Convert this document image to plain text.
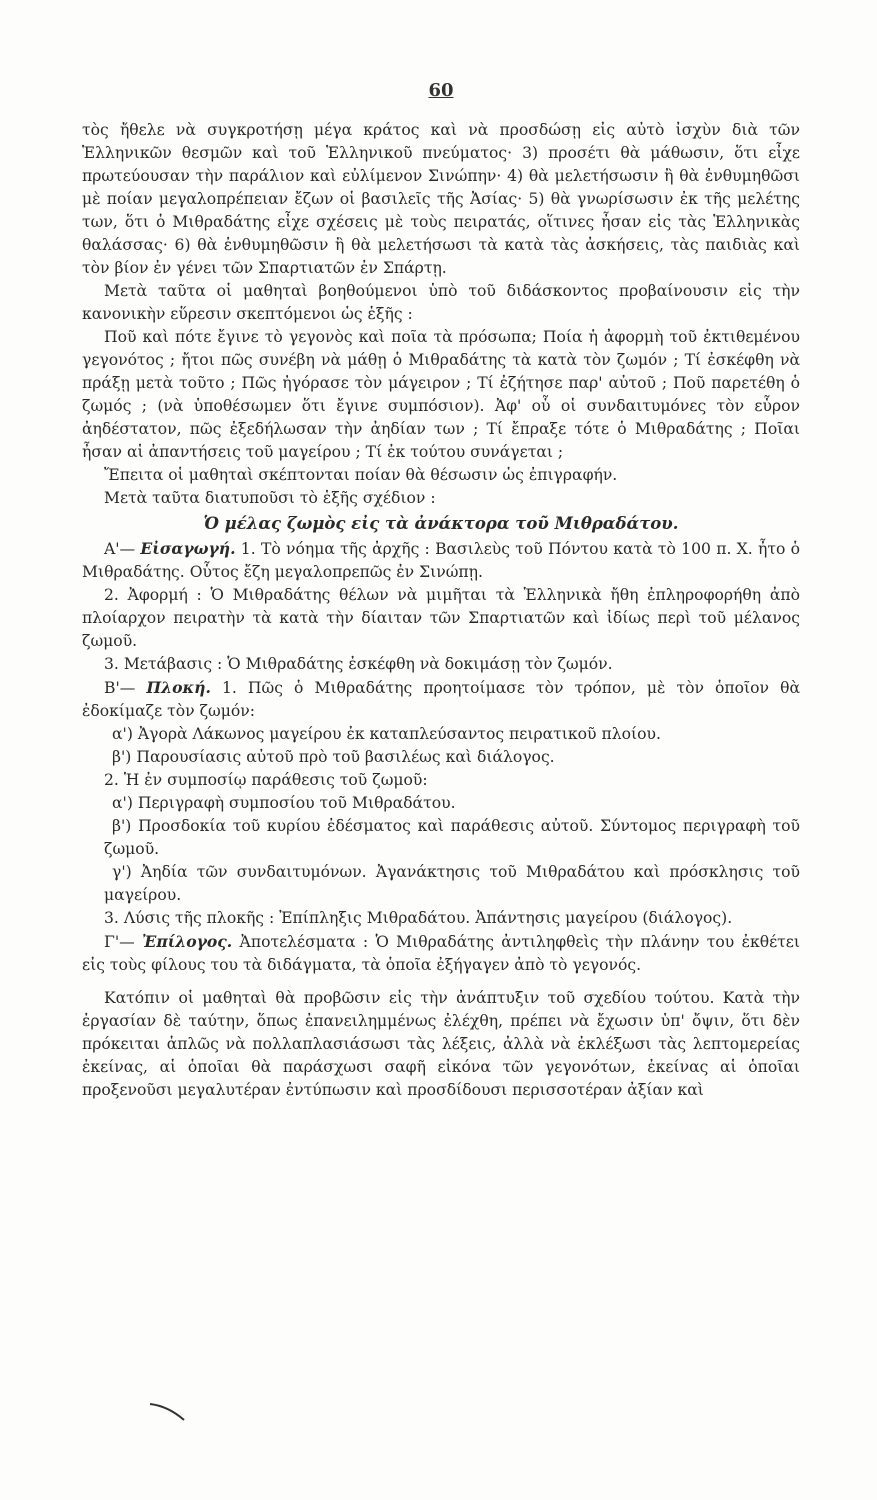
60

τὸς ἤθελε νὰ συγκροτήσῃ μέγα κράτος καὶ νὰ προσδώσῃ εἰς αὐτὸ ἰσχὺν διὰ τῶν Ἑλληνικῶν θεσμῶν καὶ τοῦ Ἑλληνικοῦ πνεύματος· 3) προσέτι θὰ μάθωσιν, ὅτι εἶχε πρωτεύουσαν τὴν παράλιον καὶ εὐλίμενον Σινώπην· 4) θὰ μελετήσωσιν ἢ θὰ ἐνθυμηθῶσι μὲ ποίαν μεγαλοπρέπειαν ἔζων οἱ βασιλεῖς τῆς Ἀσίας· 5) θὰ γνωρίσωσιν ἐκ τῆς μελέτης των, ὅτι ὁ Μιθραδάτης εἶχε σχέσεις μὲ τοὺς πειρατάς, οἵτινες ἦσαν εἰς τὰς Ἑλληνικὰς θαλάσσας· 6) θὰ ἐνθυμηθῶσιν ἢ θὰ μελετήσωσι τὰ κατὰ τὰς ἀσκήσεις, τὰς παιδιὰς καὶ τὸν βίον ἐν γένει τῶν Σπαρτιατῶν ἐν Σπάρτῃ.

Μετὰ ταῦτα οἱ μαθηταὶ βοηθούμενοι ὑπὸ τοῦ διδάσκοντος προβαίνουσιν εἰς τὴν κανονικὴν εὕρεσιν σκεπτόμενοι ὡς ἑξῆς :

Ποῦ καὶ πότε ἔγινε τὸ γεγονὸς καὶ ποῖα τὰ πρόσωπα; Ποία ἡ ἀφορμὴ τοῦ ἐκτιθεμένου γεγονότος ; ἤτοι πῶς συνέβη νὰ μάθῃ ὁ Μιθραδάτης τὰ κατὰ τὸν ζωμόν ; Τί ἐσκέφθη νὰ πράξῃ μετὰ τοῦτο ; Πῶς ἠγόρασε τὸν μάγειρον ; Τί ἐζήτησε παρ' αὐτοῦ ; Ποῦ παρετέθη ὁ ζωμός ; (νὰ ὑποθέσωμεν ὅτι ἔγινε συμπόσιον). Ἀφ' οὗ οἱ συνδαιτυμόνες τὸν εὗρον ἀηδέστατον, πῶς ἐξεδήλωσαν τὴν ἀηδίαν των ; Τί ἔπραξε τότε ὁ Μιθραδάτης ; Ποῖαι ἦσαν αἱ ἀπαντήσεις τοῦ μαγείρου ; Τί ἐκ τούτου συνάγεται ;

Ἔπειτα οἱ μαθηταὶ σκέπτονται ποίαν θὰ θέσωσιν ὡς ἐπιγραφήν.

Μετὰ ταῦτα διατυποῦσι τὸ ἑξῆς σχέδιον :

Ὁ μέλας ζωμὸς εἰς τὰ ἀνάκτορα τοῦ Μιθραδάτου.

Α'— Εἰσαγωγή. 1. Τὸ νόημα τῆς ἀρχῆς : Βασιλεὺς τοῦ Πόντου κατὰ τὸ 100 π. Χ. ἦτο ὁ Μιθραδάτης. Οὗτος ἔζη μεγαλοπρεπῶς ἐν Σινώπῃ.

2. Ἀφορμή : Ὁ Μιθραδάτης θέλων νὰ μιμῆται τὰ Ἑλληνικὰ ἤθη ἐπληροφορήθη ἀπὸ πλοίαρχον πειρατὴν τὰ κατὰ τὴν δίαιταν τῶν Σπαρτιατῶν καὶ ἰδίως περὶ τοῦ μέλανος ζωμοῦ.

3. Μετάβασις : Ὁ Μιθραδάτης ἐσκέφθη νὰ δοκιμάσῃ τὸν ζωμόν.

Β'— Πλοκή. 1. Πῶς ὁ Μιθραδάτης προητοίμασε τὸν τρόπον, μὲ τὸν ὁποῖον θὰ ἐδοκίμαζε τὸν ζωμόν:

α') Ἀγορὰ Λάκωνος μαγείρου ἐκ καταπλεύσαντος πειρατικοῦ πλοίου.

β') Παρουσίασις αὐτοῦ πρὸ τοῦ βασιλέως καὶ διάλογος.

2. Ἡ ἐν συμποσίῳ παράθεσις τοῦ ζωμοῦ:

α') Περιγραφὴ συμποσίου τοῦ Μιθραδάτου.

β') Προσδοκία τοῦ κυρίου ἐδέσματος καὶ παράθεσις αὐτοῦ. Σύντομος περιγραφὴ τοῦ ζωμοῦ.

γ') Ἀηδία τῶν συνδαιτυμόνων. Ἀγανάκτησις τοῦ Μιθραδάτου καὶ πρόσκλησις τοῦ μαγείρου.

3. Λύσις τῆς πλοκῆς : Ἐπίπληξις Μιθραδάτου. Ἀπάντησις μαγείρου (διάλογος).

Γ'— Ἐπίλογος. Ἀποτελέσματα : Ὁ Μιθραδάτης ἀντιληφθεὶς τὴν πλάνην του ἐκθέτει εἰς τοὺς φίλους του τὰ διδάγματα, τὰ ὁποῖα ἐξήγαγεν ἀπὸ τὸ γεγονός.

Κατόπιν οἱ μαθηταὶ θὰ προβῶσιν εἰς τὴν ἀνάπτυξιν τοῦ σχεδίου τούτου. Κατὰ τὴν ἐργασίαν δὲ ταύτην, ὅπως ἐπανειλημμένως ἐλέχθη, πρέπει νὰ ἔχωσιν ὑπ' ὄψιν, ὅτι δὲν πρόκειται ἁπλῶς νὰ πολλαπλασιάσωσι τὰς λέξεις, ἀλλὰ νὰ ἐκλέξωσι τὰς λεπτομερείας ἐκείνας, αἱ ὁποῖαι θὰ παράσχωσι σαφῆ εἰκόνα τῶν γεγονότων, ἐκείνας αἱ ὁποῖαι προξενοῦσι μεγαλυτέραν ἐντύπωσιν καὶ προσδίδουσι περισσοτέραν ἀξίαν καὶ
